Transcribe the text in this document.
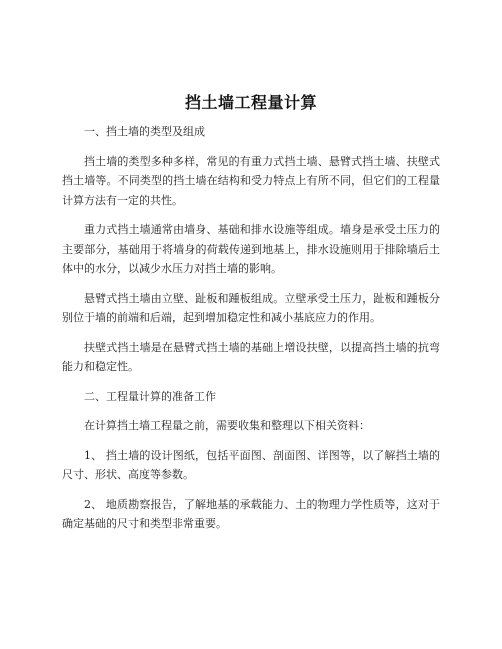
挡土墙工程量计算

一、挡土墙的类型及组成

挡土墙的类型多种多样，常见的有重力式挡土墙、悬臂式挡土墙、扶壁式挡土墙等。不同类型的挡土墙在结构和受力特点上有所不同，但它们的工程量计算方法有一定的共性。

重力式挡土墙通常由墙身、基础和排水设施等组成。墙身是承受土压力的主要部分，基础用于将墙身的荷载传递到地基上，排水设施则用于排除墙后土体中的水分，以减少水压力对挡土墙的影响。

悬臂式挡土墙由立壁、趾板和踵板组成。立壁承受土压力，趾板和踵板分别位于墙的前端和后端，起到增加稳定性和减小基底应力的作用。

扶壁式挡土墙是在悬臂式挡土墙的基础上增设扶壁，以提高挡土墙的抗弯能力和稳定性。

二、工程量计算的准备工作

在计算挡土墙工程量之前，需要收集和整理以下相关资料：

1、 挡土墙的设计图纸，包括平面图、剖面图、详图等，以了解挡土墙的尺寸、形状、高度等参数。

2、 地质勘察报告，了解地基的承载能力、土的物理力学性质等，这对于确定基础的尺寸和类型非常重要。
